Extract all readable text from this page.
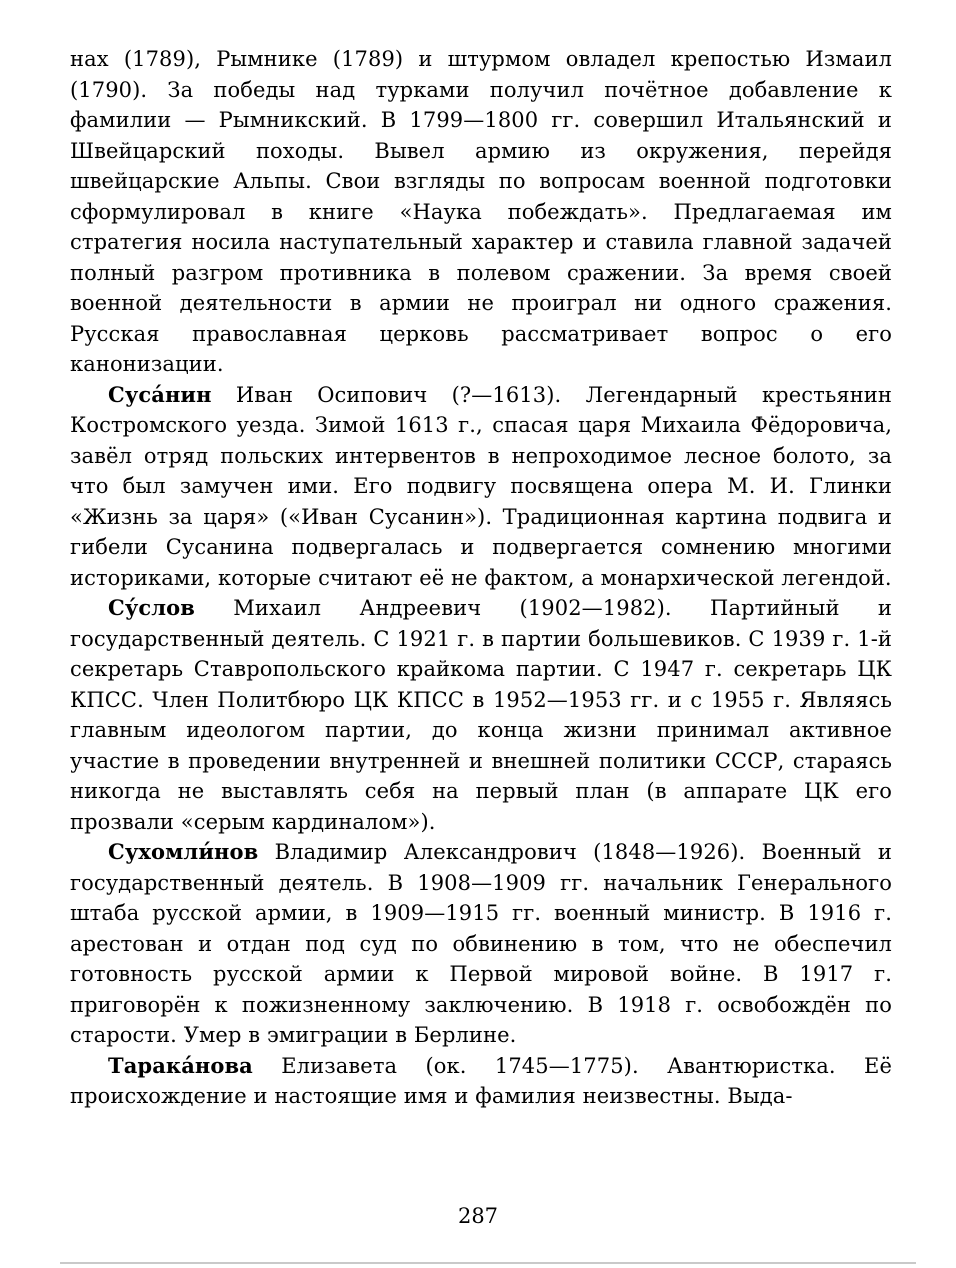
нах (1789), Рымнике (1789) и штурмом овладел крепостью Измаил (1790). За победы над турками получил почётное добавление к фамилии — Рымникский. В 1799—1800 гг. совершил Итальянский и Швейцарский походы. Вывел армию из окружения, перейдя швейцарские Альпы. Свои взгляды по вопросам военной подготовки сформулировал в книге «Наука побеждать». Предлагаемая им стратегия носила наступательный характер и ставила главной задачей полный разгром противника в полевом сражении. За время своей военной деятельности в армии не проиграл ни одного сражения. Русская православная церковь рассматривает вопрос о его канонизации.

Суса́нин Иван Осипович (?—1613). Легендарный крестьянин Костромского уезда. Зимой 1613 г., спасая царя Михаила Фёдоровича, завёл отряд польских интервентов в непроходимое лесное болото, за что был замучен ими. Его подвигу посвящена опера М. И. Глинки «Жизнь за царя» («Иван Сусанин»). Традиционная картина подвига и гибели Сусанина подвергалась и подвергается сомнению многими историками, которые считают её не фактом, а монархической легендой.

Су́слов Михаил Андреевич (1902—1982). Партийный и государственный деятель. С 1921 г. в партии большевиков. С 1939 г. 1-й секретарь Ставропольского крайкома партии. С 1947 г. секретарь ЦК КПСС. Член Политбюро ЦК КПСС в 1952—1953 гг. и с 1955 г. Являясь главным идеологом партии, до конца жизни принимал активное участие в проведении внутренней и внешней политики СССР, стараясь никогда не выставлять себя на первый план (в аппарате ЦК его прозвали «серым кардиналом»).

Сухомли́нов Владимир Александрович (1848—1926). Военный и государственный деятель. В 1908—1909 гг. начальник Генерального штаба русской армии, в 1909—1915 гг. военный министр. В 1916 г. арестован и отдан под суд по обвинению в том, что не обеспечил готовность русской армии к Первой мировой войне. В 1917 г. приговорён к пожизненному заключению. В 1918 г. освобождён по старости. Умер в эмиграции в Берлине.

Тарака́нова Елизавета (ок. 1745—1775). Авантюристка. Её происхождение и настоящие имя и фамилия неизвестны. Выда-

287
